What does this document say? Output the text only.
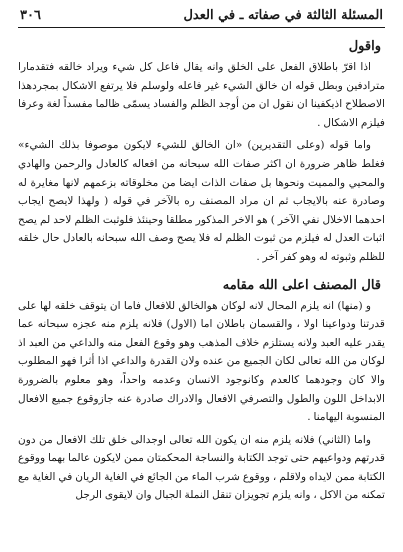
المسئلة الثالثة في صفاته ـ في العدل
٣٠٦
واقول

اذا اقرّ باطلاق الفعل على الخلق وانه يقال فاعل كل شيء ويراد خالقه فتقدمارا مترادفين وبطل قوله ان خالق الشيء غير فاعله ولوسلم فلا يرتفع الاشكال بمجردهذا الاصطلاح اذيكفينا ان نقول ان من أوجد الظلم والفساد يسمّى ظالما مفسداً لغة وعرفا فيلزم الاشكال .

واما قوله (وعلى التقديرين) «ان الخالق للشيء لايكون موصوفا بذلك الشيء» فغلط ظاهر ضرورة ان اكثر صفات الله سبحانه من افعاله كالعادل والرحمن والهادي والمحيي والمميت ونحوها بل صفات الذات ايضا من مخلوقاته بزعمهم لانها مغايرة له وصادرة عنه بالايجاب ثم ان مراد المصنف ره بالآخر في قوله ( ولهذا لايصح ايجاب احدهما الاخلال نفي الآخر ) هو الاخر المذكور مطلقا وحينئذ فلوثبت الظلم لاحد لم يصح اثبات العدل له فيلزم من ثبوت الظلم له فلا يصح وصف الله سبحانه بالعادل حال خلقه للظلم وثبوته له وهو كفر آخر .

قال المصنف اعلى الله مقامه

و (منها) انه يلزم المحال لانه لوكان هوالخالق للافعال فاما ان يتوقف خلقه لها على قدرتنا ودواعينا اولا ، والقسمان باطلان اما (الاول) فلانه يلزم منه عجزه سبحانه عما يقدر عليه العبد ولانه يستلزم خلاف المذهب وهو وقوع الفعل منه والداعي من العبد اذ لوكان من الله تعالى لكان الجميع من عنده ولان القدرة والداعي اذا أثرا فهو المطلوب والا كان وجودهما كالعدم وكانوجود الانسان وعدمه واحداً، وهو معلوم بالضرورة الابداخل اللون والطول والتصرفي الافعال والادراك صادرة عنه جازوقوع جميع الافعال المنسوبة اليهامنا .

واما (الثاني) فلانه يلزم منه ان يكون الله تعالى اوجدالى خلق تلك الافعال من دون قدرتهم ودواعيهم حتى توجد الكتابة والنساجة المحكمتان ممن لايكون عالما بهما ووقوع الكتابة ممن لايداه ولاقلم ، ووقوع شرب الماء من الجائع في الغاية الريان في الغاية مع تمكنه من الاكل ، وانه يلزم تجويزان تنقل النملة الجبال وان لايقوى الرجل
